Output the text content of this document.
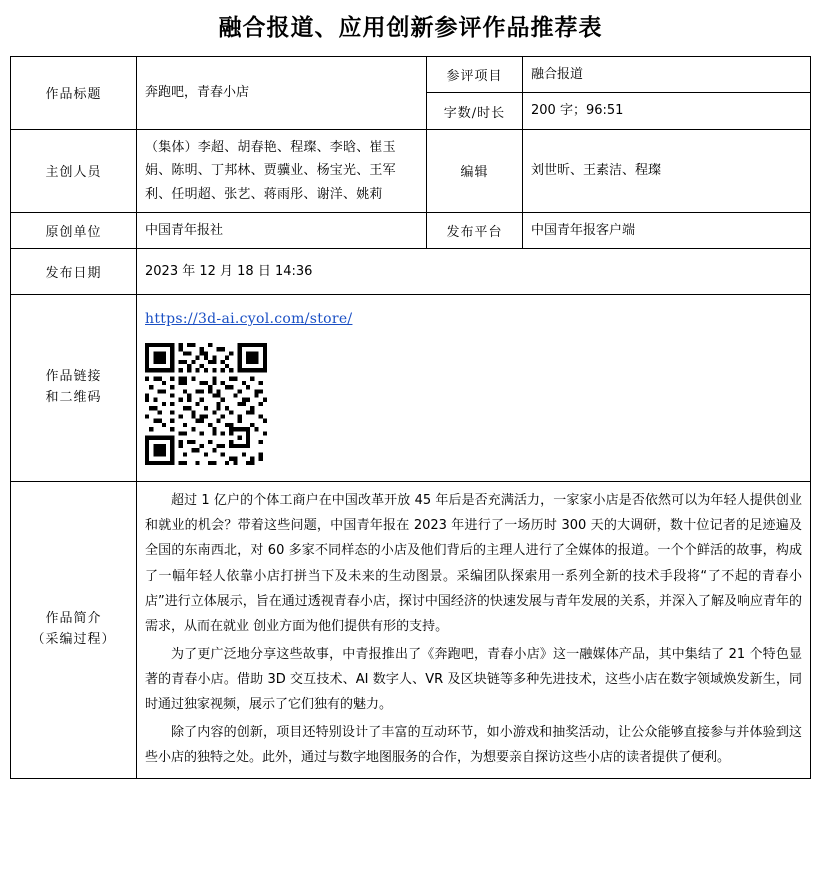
融合报道、应用创新参评作品推荐表
作品标题	奔跑吧，青春小店	参评项目	融合报道
		字数/时长	200 字；96:51
主创人员	（集体）李超、胡春艳、程璨、李晗、崔玉娟、陈明、丁邦林、贾骥业、杨宝光、王军利、任明超、张艺、蒋雨彤、谢洋、姚莉	编辑	刘世昕、王素洁、程璨
原创单位	中国青年报社	发布平台	中国青年报客户端
发布日期	2023 年 12 月 18 日 14:36		

作品链接
和二维码	https://3d-ai.cyol.com/store/		

作品简介
（采编过程）

超过 1 亿户的个体工商户在中国改革开放 45 年后是否充满活力，一家家小店是否依然可以为年轻人提供创业和就业的机会？带着这些问题，中国青年报在 2023 年进行了一场历时 300 天的大调研，数十位记者的足迹遍及全国的东南西北，对 60 多家不同样态的小店及他们背后的主理人进行了全媒体的报道。一个个鲜活的故事，构成了一幅年轻人依靠小店打拼当下及未来的生动图景。采编团队探索用一系列全新的技术手段将“了不起的青春小店”进行立体展示，旨在通过透视青春小店，探讨中国经济的快速发展与青年发展的关系，并深入了解及响应青年的需求，从而在就业 创业方面为他们提供有形的支持。

为了更广泛地分享这些故事，中青报推出了《奔跑吧，青春小店》这一融媒体产品，其中集结了 21 个特色显著的青春小店。借助 3D 交互技术、AI 数字人、VR 及区块链等多种先进技术，这些小店在数字领域焕发新生，同时通过独家视频，展示了它们独有的魅力。

除了内容的创新，项目还特别设计了丰富的互动环节，如小游戏和抽奖活动，让公众能够直接参与并体验到这些小店的独特之处。此外，通过与数字地图服务的合作，为想要亲自探访这些小店的读者提供了便利。
